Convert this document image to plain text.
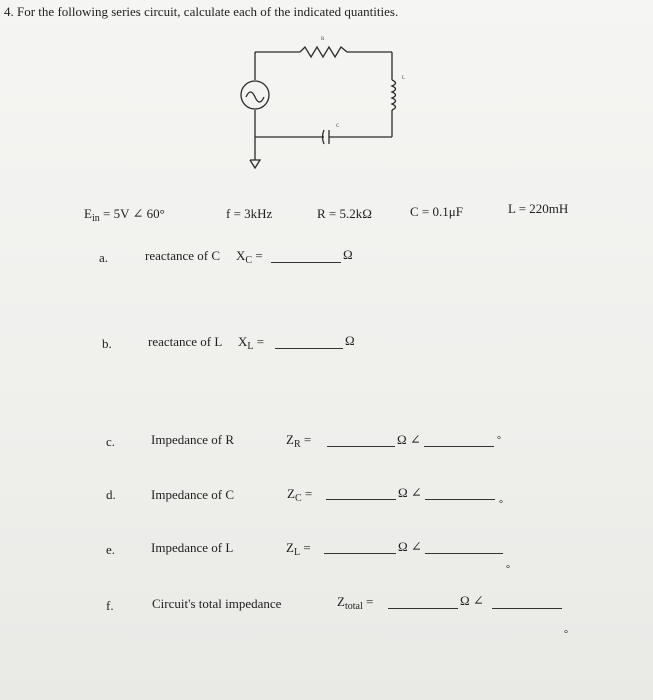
4. For the following series circuit, calculate each of the indicated quantities.
R
L
C
$E_{in} = 5V$ ∠ 60°	f = 3kHz	R = 5.2kΩ	C = 0.1μF	L = 220mH
a.	reactance of C $X_C$ =	Ω
b.	reactance of L $X_L$ =	Ω
c.	Impedance of R	$Z_R$ =	Ω ∠	°
d.	Impedance of C	$Z_C$ =	Ω ∠
°
e.	Impedance of L	$Z_L$ =	Ω ∠
°
f.	Circuit's total impedance	$Z_{total}$ =	Ω ∠
°
